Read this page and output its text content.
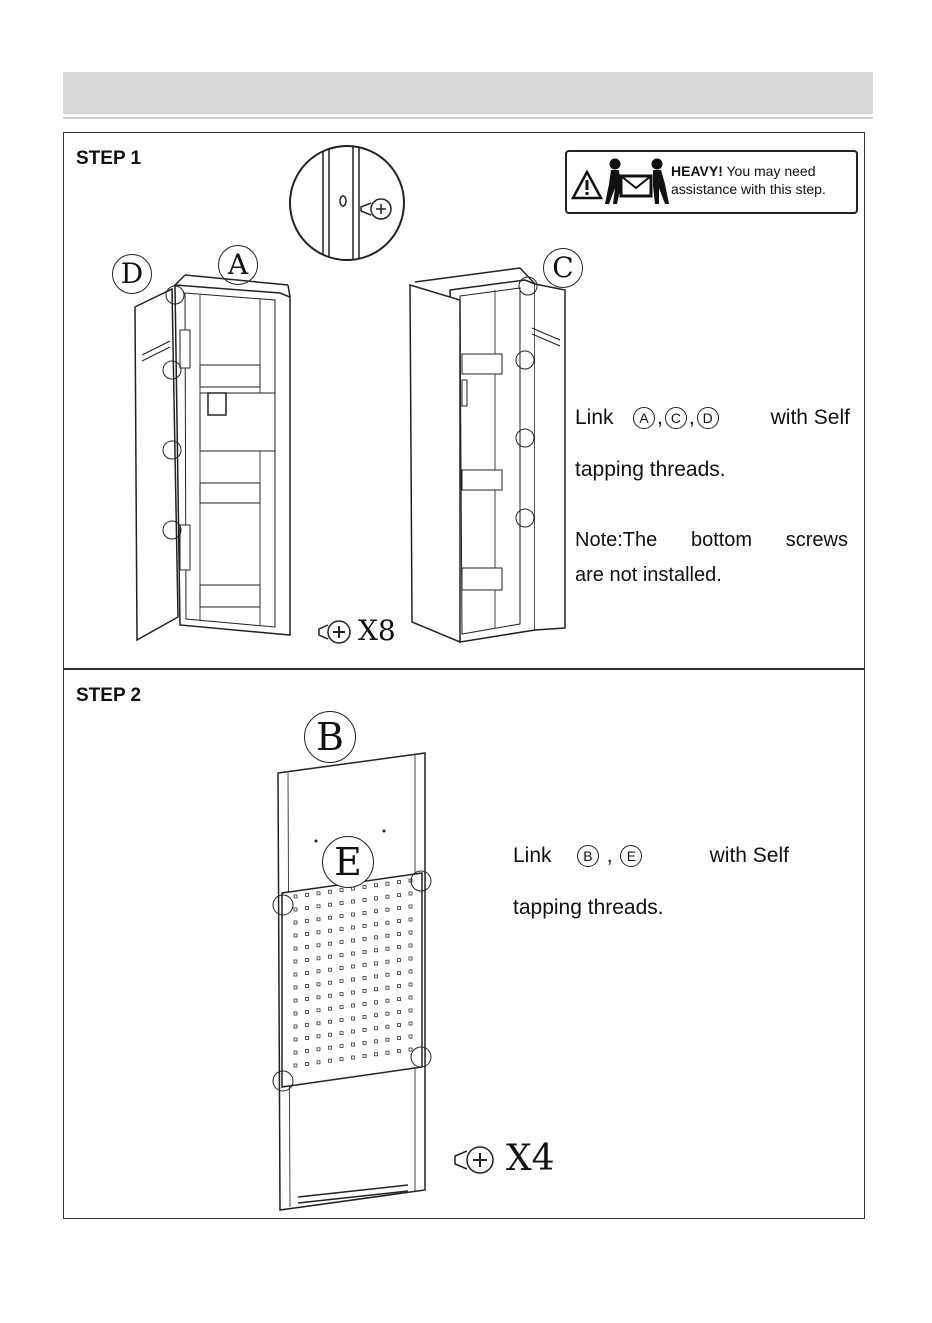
STEP 1
HEAVY! You may need assistance with this step.
D	A	C
Link A , C , D	with Self
tapping threads.
Note:The bottom screws
are not installed.
X8
STEP 2
B
E	Link B , E	with Self
tapping threads.
X4
